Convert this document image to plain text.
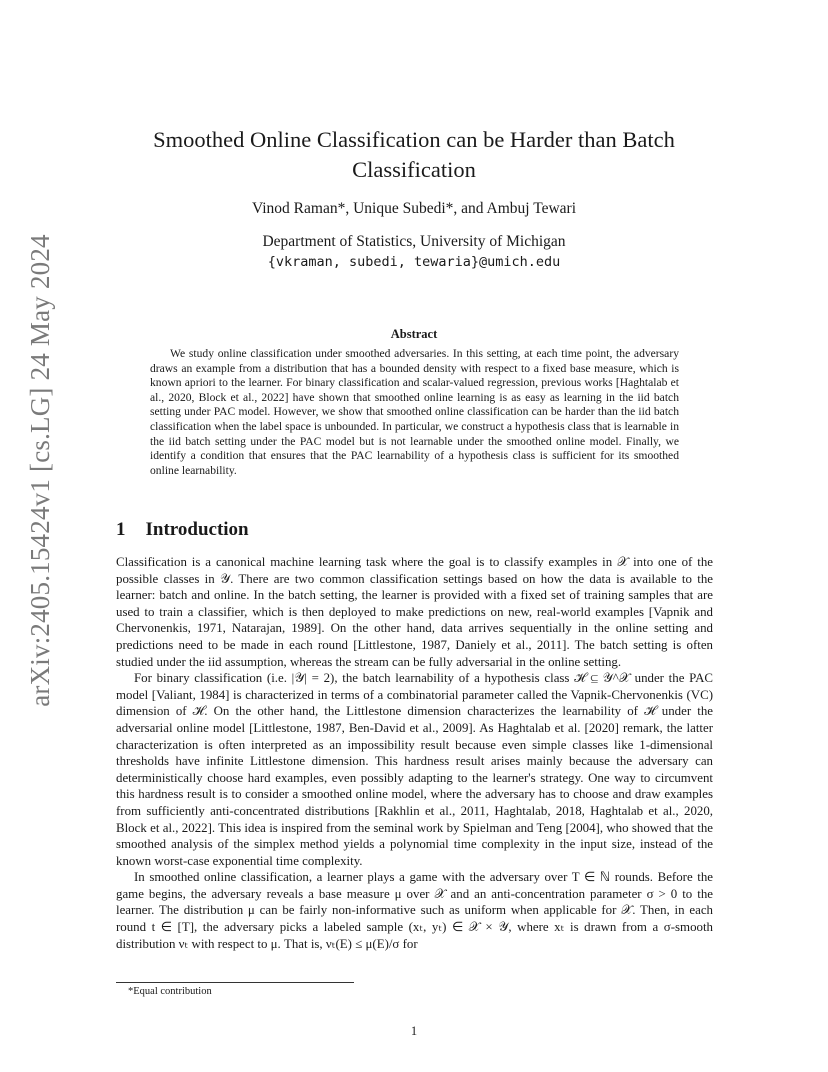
arXiv:2405.15424v1 [cs.LG] 24 May 2024
Smoothed Online Classification can be Harder than Batch Classification

Vinod Raman*, Unique Subedi*, and Ambuj Tewari

Department of Statistics, University of Michigan

{vkraman, subedi, tewaria}@umich.edu

Abstract

We study online classification under smoothed adversaries. In this setting, at each time point, the adversary draws an example from a distribution that has a bounded density with respect to a fixed base measure, which is known apriori to the learner. For binary classification and scalar-valued regression, previous works [Haghtalab et al., 2020, Block et al., 2022] have shown that smoothed online learning is as easy as learning in the iid batch setting under PAC model. However, we show that smoothed online classification can be harder than the iid batch classification when the label space is unbounded. In particular, we construct a hypothesis class that is learnable in the iid batch setting under the PAC model but is not learnable under the smoothed online model. Finally, we identify a condition that ensures that the PAC learnability of a hypothesis class is sufficient for its smoothed online learnability.

1 Introduction

Classification is a canonical machine learning task where the goal is to classify examples in 𝒳 into one of the possible classes in 𝒴. There are two common classification settings based on how the data is available to the learner: batch and online. In the batch setting, the learner is provided with a fixed set of training samples that are used to train a classifier, which is then deployed to make predictions on new, real-world examples [Vapnik and Chervonenkis, 1971, Natarajan, 1989]. On the other hand, data arrives sequentially in the online setting and predictions need to be made in each round [Littlestone, 1987, Daniely et al., 2011]. The batch setting is often studied under the iid assumption, whereas the stream can be fully adversarial in the online setting.

For binary classification (i.e. |𝒴| = 2), the batch learnability of a hypothesis class ℋ ⊆ 𝒴^𝒳 under the PAC model [Valiant, 1984] is characterized in terms of a combinatorial parameter called the Vapnik-Chervonenkis (VC) dimension of ℋ. On the other hand, the Littlestone dimension characterizes the learnability of ℋ under the adversarial online model [Littlestone, 1987, Ben-David et al., 2009]. As Haghtalab et al. [2020] remark, the latter characterization is often interpreted as an impossibility result because even simple classes like 1-dimensional thresholds have infinite Littlestone dimension. This hardness result arises mainly because the adversary can deterministically choose hard examples, even possibly adapting to the learner's strategy. One way to circumvent this hardness result is to consider a smoothed online model, where the adversary has to choose and draw examples from sufficiently anti-concentrated distributions [Rakhlin et al., 2011, Haghtalab, 2018, Haghtalab et al., 2020, Block et al., 2022]. This idea is inspired from the seminal work by Spielman and Teng [2004], who showed that the smoothed analysis of the simplex method yields a polynomial time complexity in the input size, instead of the known worst-case exponential time complexity.

In smoothed online classification, a learner plays a game with the adversary over T ∈ ℕ rounds. Before the game begins, the adversary reveals a base measure μ over 𝒳 and an anti-concentration parameter σ > 0 to the learner. The distribution μ can be fairly non-informative such as uniform when applicable for 𝒳. Then, in each round t ∈ [T], the adversary picks a labeled sample (xₜ, yₜ) ∈ 𝒳 × 𝒴, where xₜ is drawn from a σ-smooth distribution νₜ with respect to μ. That is, νₜ(E) ≤ μ(E)/σ for

*Equal contribution

1
